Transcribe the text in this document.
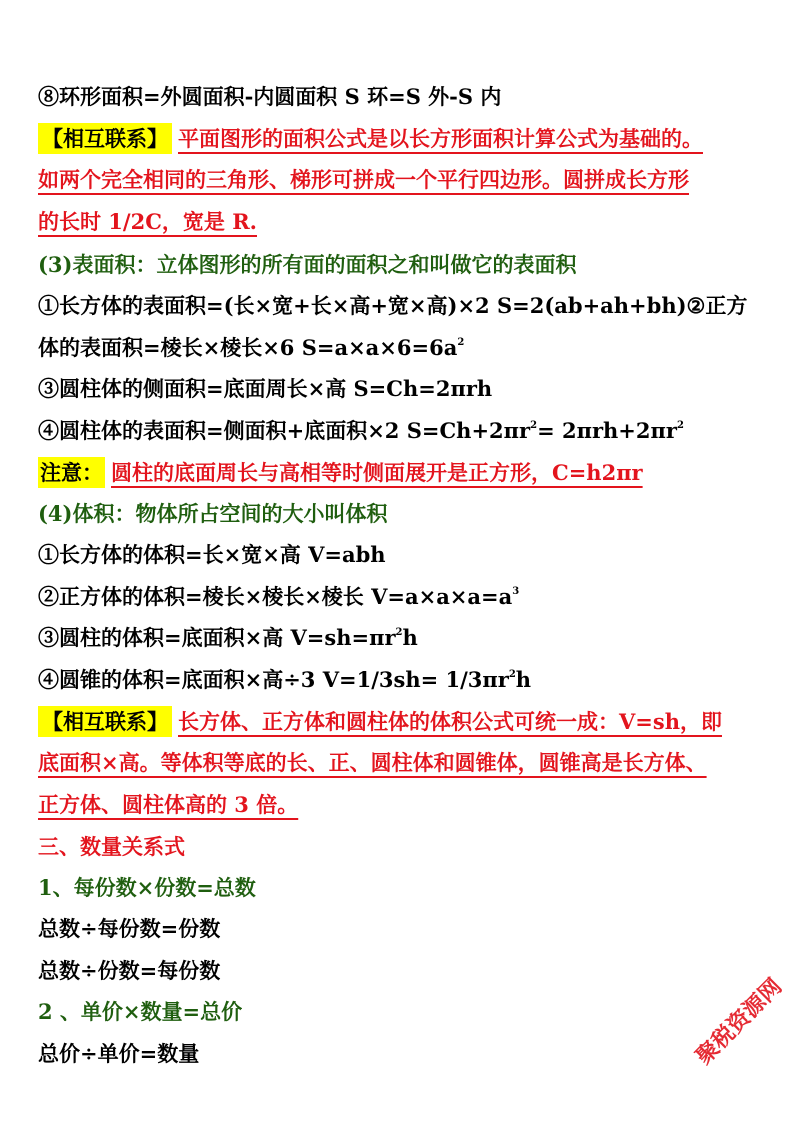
⑧环形面积=外圆面积-内圆面积 S 环=S 外-S 内
【相互联系】 平面图形的面积公式是以长方形面积计算公式为基础的。
如两个完全相同的三角形、梯形可拼成一个平行四边形。圆拼成长方形
的长时 1/2C，宽是 R.
(3)表面积：立体图形的所有面的面积之和叫做它的表面积
①长方体的表面积=(长×宽+长×高+宽×高)×2 S=2(ab+ah+bh)②正方
体的表面积=棱长×棱长×6 $S=a\times a\times 6=6a^2$
③圆柱体的侧面积=底面周长×高 S=Ch=2πrh
④圆柱体的表面积=侧面积+底面积×2 $S=Ch+2\pi r^2= 2\pi rh+2\pi r^2$
注意： 圆柱的底面周长与高相等时侧面展开是正方形，C=h2πr
(4)体积：物体所占空间的大小叫体积
①长方体的体积=长×宽×高 V=abh
②正方体的体积=棱长×棱长×棱长 $V=a\times a\times a=a^3$
③圆柱的体积=底面积×高 $V=sh=\pi r^2h$
④圆锥的体积=底面积×高÷3 $V=1/3sh= 1/3\pi r^2h$
【相互联系】 长方体、正方体和圆柱体的体积公式可统一成：V=sh，即
底面积×高。等体积等底的长、正、圆柱体和圆锥体，圆锥高是长方体、
正方体、圆柱体高的 3 倍。
三、数量关系式
1、每份数×份数=总数
总数÷每份数=份数
总数÷份数=每份数
2 、单价×数量=总价
总价÷单价=数量	聚税资源网
